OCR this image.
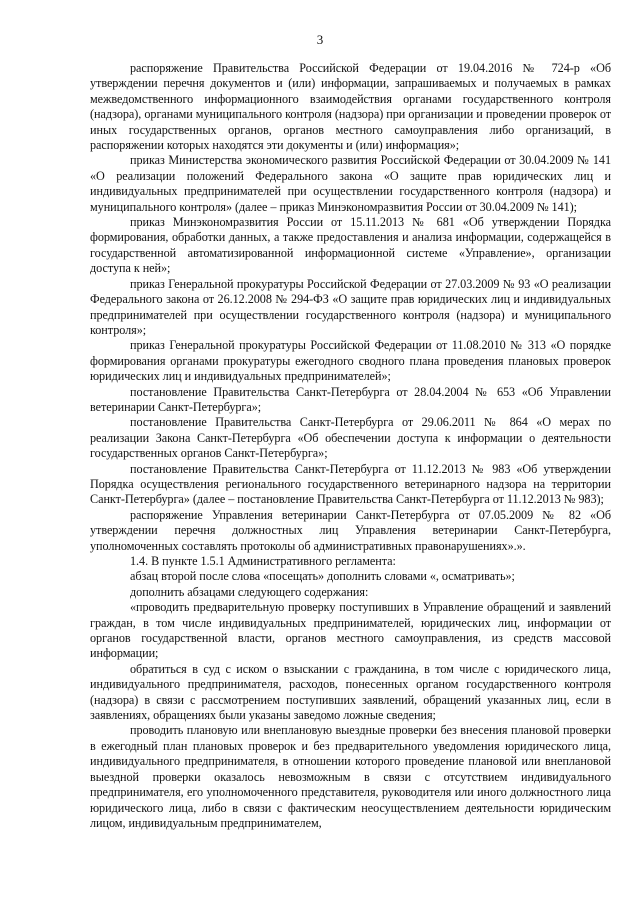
3

распоряжение Правительства Российской Федерации от 19.04.2016 № 724-р «Об утверждении перечня документов и (или) информации, запрашиваемых и получаемых в рамках межведомственного информационного взаимодействия органами государственного контроля (надзора), органами муниципального контроля (надзора) при организации и проведении проверок от иных государственных органов, органов местного самоуправления либо организаций, в распоряжении которых находятся эти документы и (или) информация»;

приказ Министерства экономического развития Российской Федерации от 30.04.2009 № 141 «О реализации положений Федерального закона «О защите прав юридических лиц и индивидуальных предпринимателей при осуществлении государственного контроля (надзора) и муниципального контроля» (далее – приказ Минэкономразвития России от 30.04.2009 № 141);

приказ Минэкономразвития России от 15.11.2013 № 681 «Об утверждении Порядка формирования, обработки данных, а также предоставления и анализа информации, содержащейся в государственной автоматизированной информационной системе «Управление», организации доступа к ней»;

приказ Генеральной прокуратуры Российской Федерации от 27.03.2009 № 93 «О реализации Федерального закона от 26.12.2008 № 294-ФЗ «О защите прав юридических лиц и индивидуальных предпринимателей при осуществлении государственного контроля (надзора) и муниципального контроля»;

приказ Генеральной прокуратуры Российской Федерации от 11.08.2010 № 313 «О порядке формирования органами прокуратуры ежегодного сводного плана проведения плановых проверок юридических лиц и индивидуальных предпринимателей»;

постановление Правительства Санкт-Петербурга от 28.04.2004 № 653 «Об Управлении ветеринарии Санкт-Петербурга»;

постановление Правительства Санкт-Петербурга от 29.06.2011 № 864 «О мерах по реализации Закона Санкт-Петербурга «Об обеспечении доступа к информации о деятельности государственных органов Санкт-Петербурга»;

постановление Правительства Санкт-Петербурга от 11.12.2013 № 983 «Об утверждении Порядка осуществления регионального государственного ветеринарного надзора на территории Санкт-Петербурга» (далее – постановление Правительства Санкт-Петербурга от 11.12.2013 № 983);

распоряжение Управления ветеринарии Санкт-Петербурга от 07.05.2009 № 82 «Об утверждении перечня должностных лиц Управления ветеринарии Санкт-Петербурга, уполномоченных составлять протоколы об административных правонарушениях».».

1.4. В пункте 1.5.1 Административного регламента:

абзац второй после слова «посещать» дополнить словами «, осматривать»;

дополнить абзацами следующего содержания:

«проводить предварительную проверку поступивших в Управление обращений и заявлений граждан, в том числе индивидуальных предпринимателей, юридических лиц, информации от органов государственной власти, органов местного самоуправления, из средств массовой информации;

обратиться в суд с иском о взыскании с гражданина, в том числе с юридического лица, индивидуального предпринимателя, расходов, понесенных органом государственного контроля (надзора) в связи с рассмотрением поступивших заявлений, обращений указанных лиц, если в заявлениях, обращениях были указаны заведомо ложные сведения;

проводить плановую или внеплановую выездные проверки без внесения плановой проверки в ежегодный план плановых проверок и без предварительного уведомления юридического лица, индивидуального предпринимателя, в отношении которого проведение плановой или внеплановой выездной проверки оказалось невозможным в связи с отсутствием индивидуального предпринимателя, его уполномоченного представителя, руководителя или иного должностного лица юридического лица, либо в связи с фактическим неосуществлением деятельности юридическим лицом, индивидуальным предпринимателем,
